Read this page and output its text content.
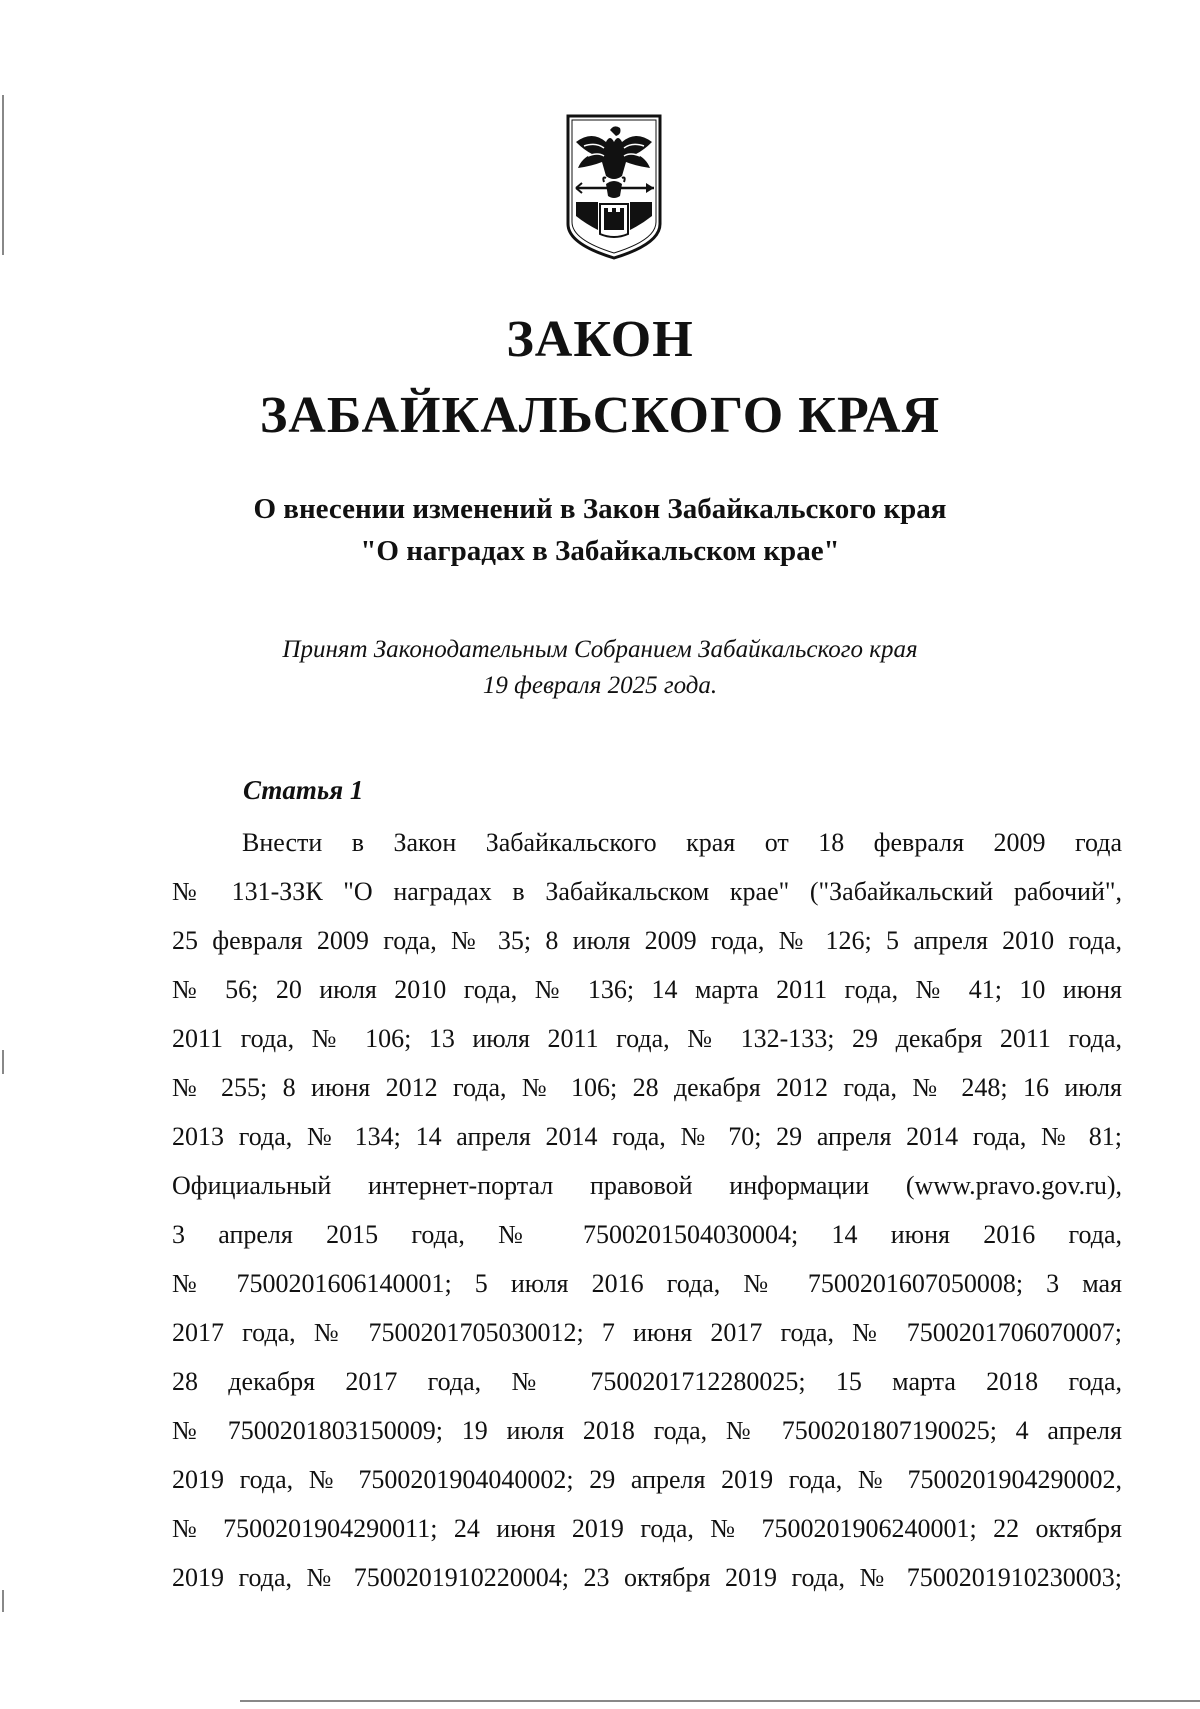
ЗАКОН
ЗАБАЙКАЛЬСКОГО КРАЯ
О внесении изменений в Закон Забайкальского края
"О наградах в Забайкальском крае"
Принят Законодательным Собранием Забайкальского края
19 февраля 2025 года.
Статья 1
Внести в Закон Забайкальского края от 18 февраля 2009 года
№ 131-ЗЗК "О наградах в Забайкальском крае" ("Забайкальский рабочий",
25 февраля 2009 года, № 35; 8 июля 2009 года, № 126; 5 апреля 2010 года,
№ 56; 20 июля 2010 года, № 136; 14 марта 2011 года, № 41; 10 июня
2011 года, № 106; 13 июля 2011 года, № 132-133; 29 декабря 2011 года,
№ 255; 8 июня 2012 года, № 106; 28 декабря 2012 года, № 248; 16 июля
2013 года, № 134; 14 апреля 2014 года, № 70; 29 апреля 2014 года, № 81;
Официальный интернет-портал правовой информации (www.pravo.gov.ru),
3 апреля 2015 года, № 7500201504030004; 14 июня 2016 года,
№ 7500201606140001; 5 июля 2016 года, № 7500201607050008; 3 мая
2017 года, № 7500201705030012; 7 июня 2017 года, № 7500201706070007;
28 декабря 2017 года, № 7500201712280025; 15 марта 2018 года,
№ 7500201803150009; 19 июля 2018 года, № 7500201807190025; 4 апреля
2019 года, № 7500201904040002; 29 апреля 2019 года, № 7500201904290002,
№ 7500201904290011; 24 июня 2019 года, № 7500201906240001; 22 октября
2019 года, № 7500201910220004; 23 октября 2019 года, № 7500201910230003;
